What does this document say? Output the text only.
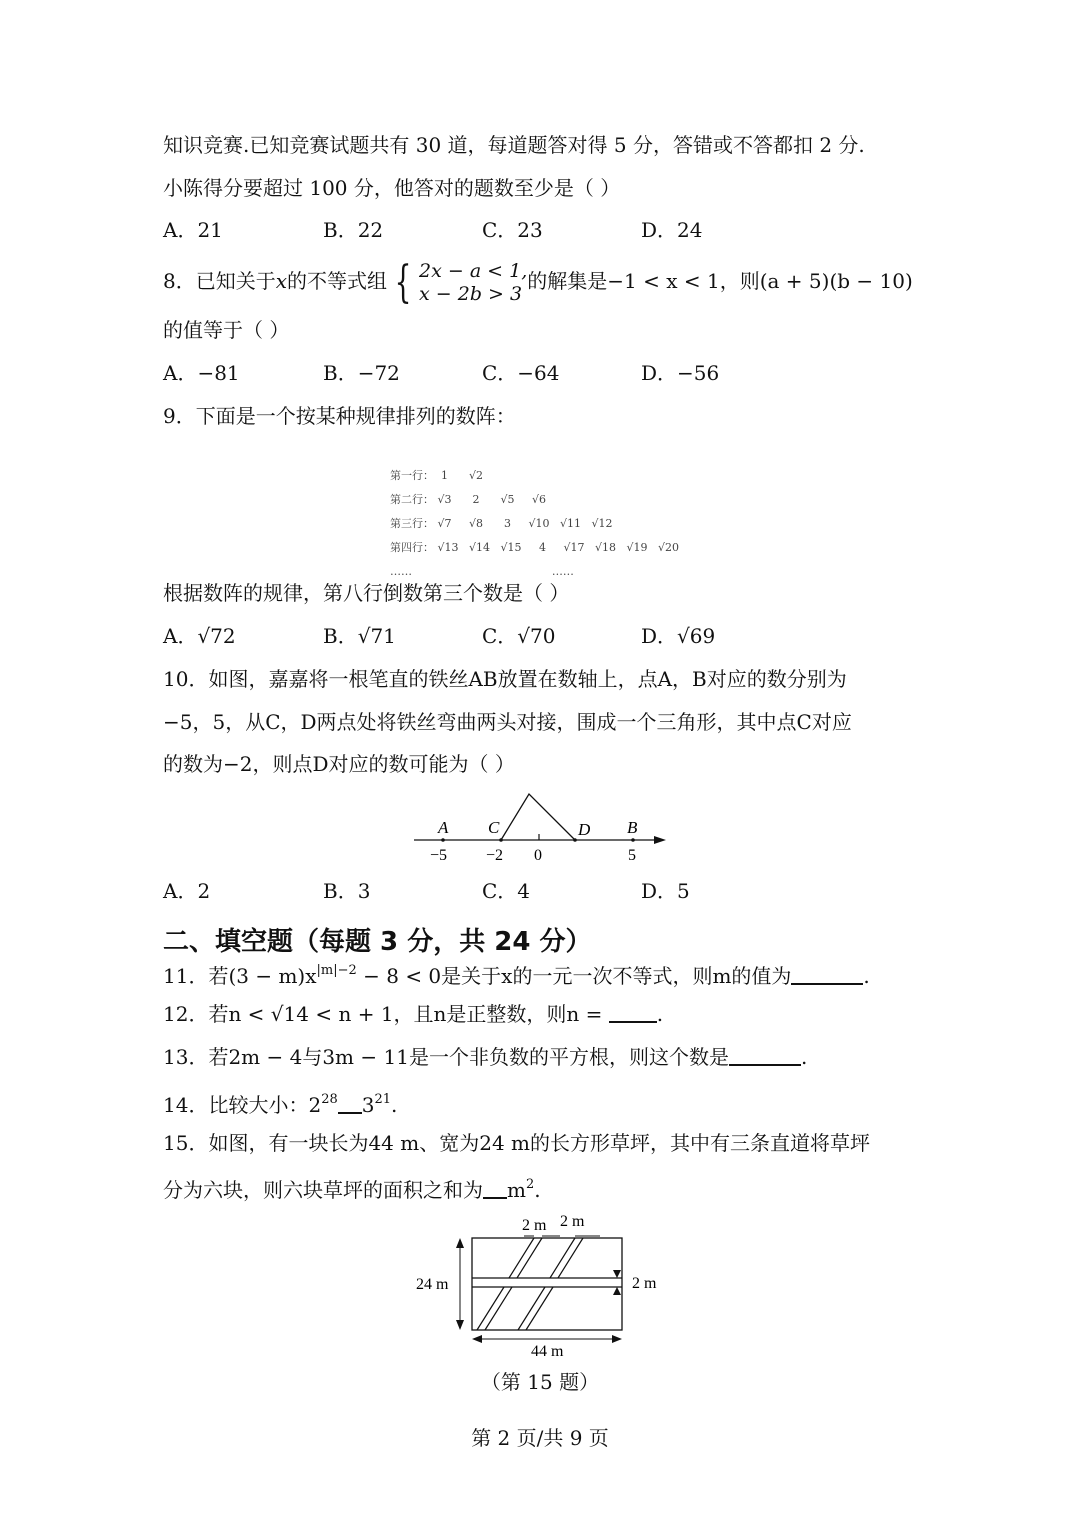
知识竞赛.已知竞赛试题共有 30 道，每道题答对得 5 分，答错或不答都扣 2 分.
小陈得分要超过 100 分，他答对的题数至少是（ ）
A．21	B．22	C．23	D．24
8．已知关于x的不等式组 { 2x − a < 1,
x − 2b > 3的解集是−1 < x < 1，则(a + 5)(b − 10)
的值等于（ ）
A．−81	B．−72	C．−64	D．−56
9．下面是一个按某种规律排列的数阵：

第一行：  1      √2
第二行： √3      2      √5     √6
第三行： √7     √8      3     √10   √11   √12
第四行： √13   √14   √15     4     √17   √18   √19   √20
……                                        ……

根据数阵的规律，第八行倒数第三个数是（ ）
A．√72	B．√71	C．√70	D．√69
10．如图，嘉嘉将一根笔直的铁丝AB放置在数轴上，点A，B对应的数分别为
−5，5，从C，D两点处将铁丝弯曲两头对接，围成一个三角形，其中点C对应
的数为−2，则点D对应的数可能为（ ）
A C	D B
−5 −2 0	5
A．2	B．3	C．4	D．5
二、填空题（每题 3 分，共 24 分）
11．若$(3 - m)x^{|m|-2} - 8 < 0$是关于x的一元一次不等式，则m的值为	.
12．若n < √14 < n + 1，且n是正整数，则n = .
13．若2m − 4与3m − 11是一个非负数的平方根，则这个数是	.
14．比较大小：$2^{28}$ $3^{21}$.
15．如图，有一块长为44 m、宽为24 m的长方形草坪，其中有三条直道将草坪
分为六块，则六块草坪的面积之和为 $m^2$.
2 m 2 m
24 m	2 m
44 m
（第 15 题）
第 2 页/共 9 页
